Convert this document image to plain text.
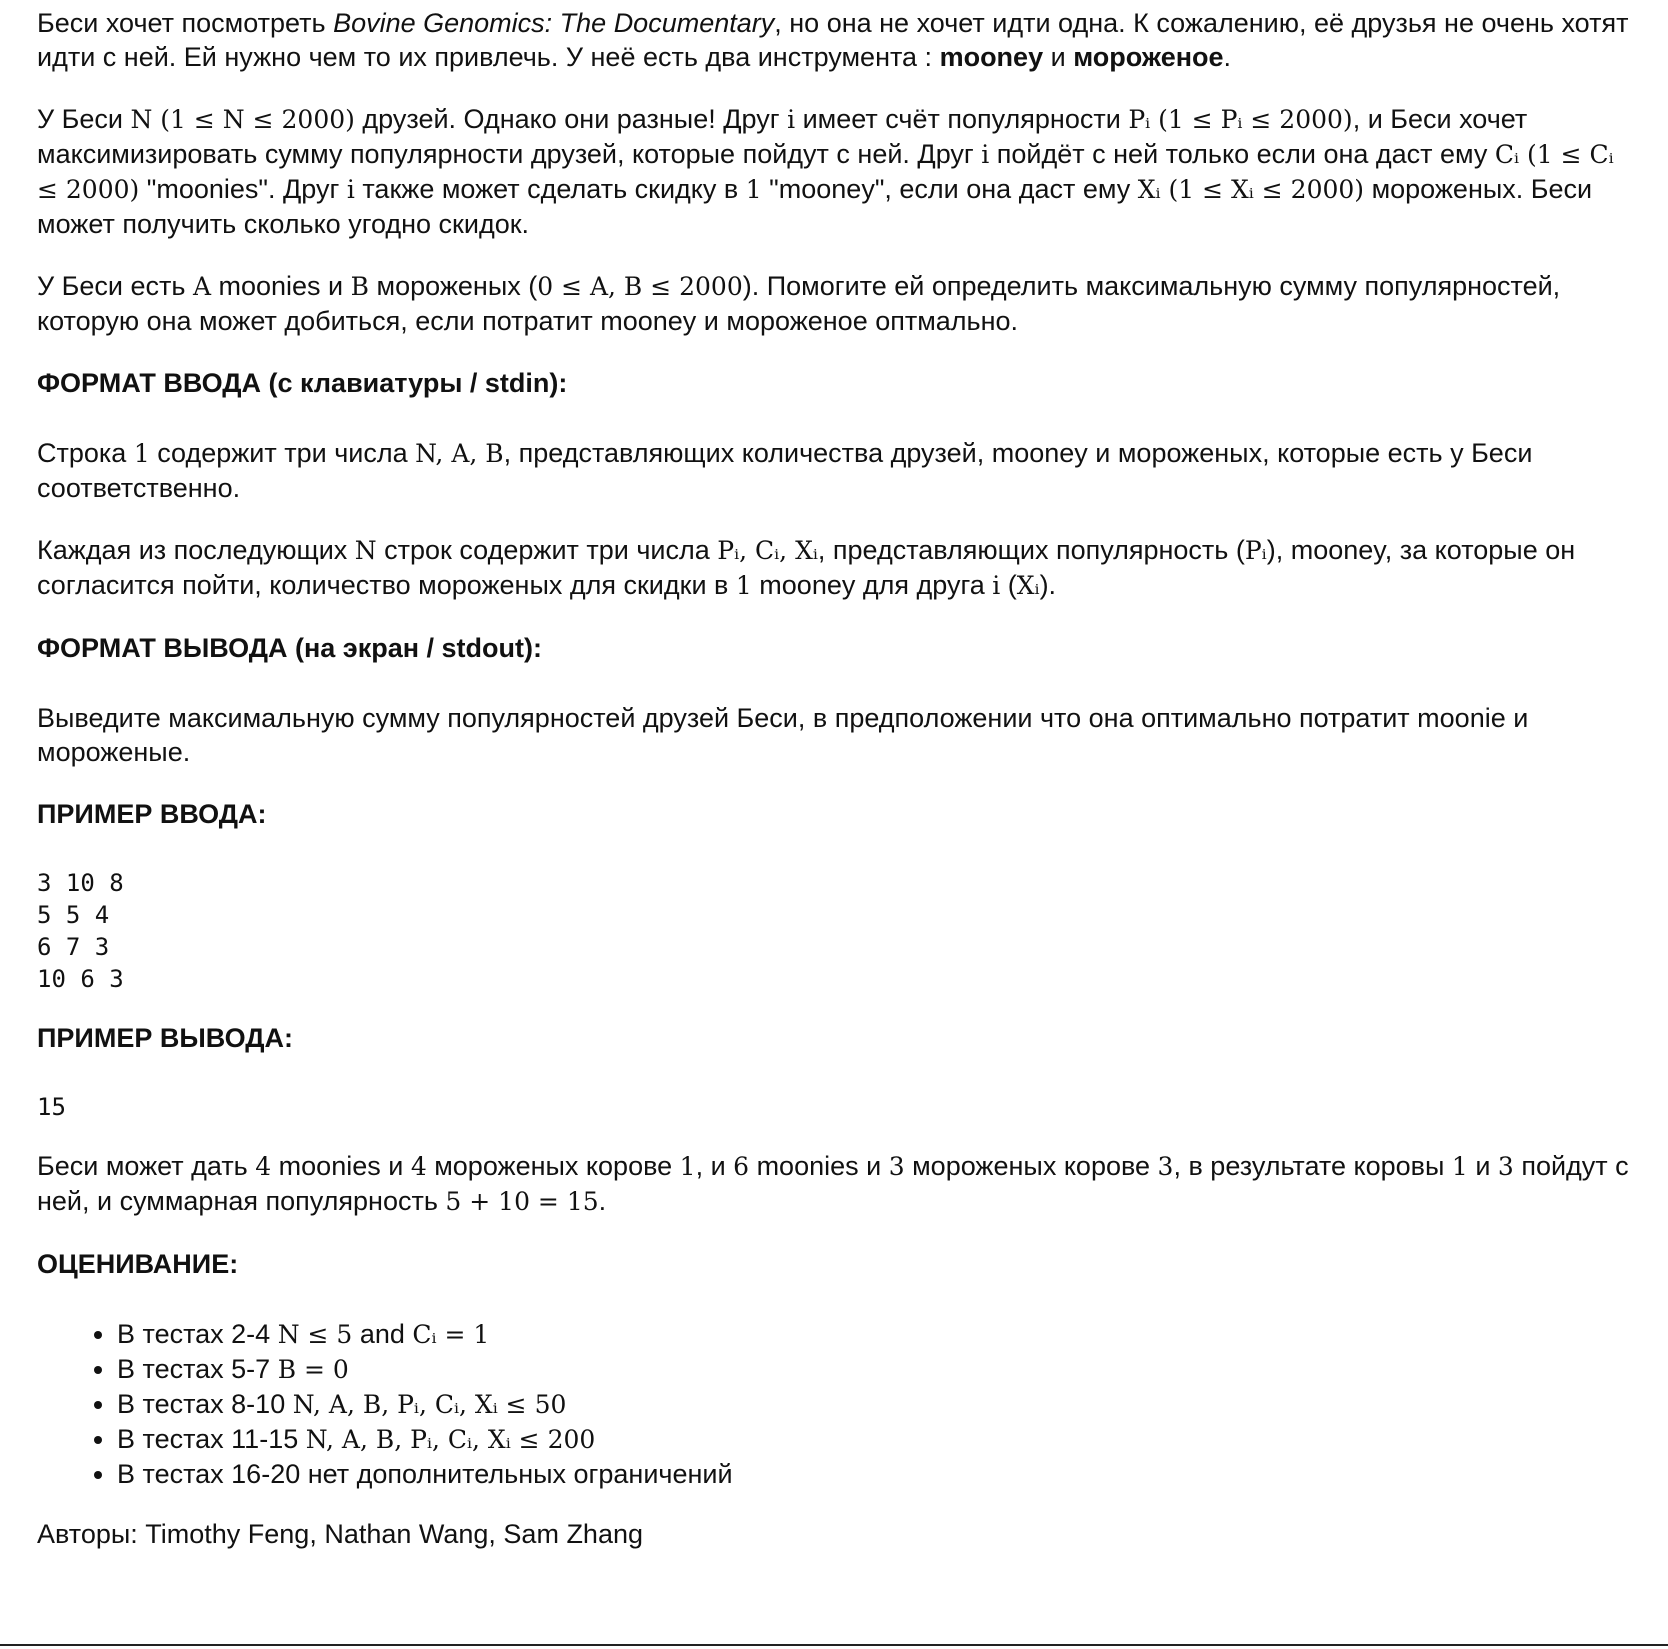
Беси хочет посмотреть Bovine Genomics: The Documentary, но она не хочет идти одна. К сожалению, её друзья не очень хотят идти с ней. Ей нужно чем то их привлечь. У неё есть два инструмента : mooney и мороженое.

У Беси N (1 ≤ N ≤ 2000) друзей. Однако они разные! Друг i имеет счёт популярности Pᵢ (1 ≤ Pᵢ ≤ 2000), и Беси хочет максимизировать сумму популярности друзей, которые пойдут с ней. Друг i пойдёт с ней только если она даст ему Cᵢ (1 ≤ Cᵢ ≤ 2000) "moonies". Друг i также может сделать скидку в 1 "mooney", если она даст ему Xᵢ (1 ≤ Xᵢ ≤ 2000) мороженых. Беси может получить сколько угодно скидок.

У Беси есть A moonies и B мороженых (0 ≤ A, B ≤ 2000). Помогите ей определить максимальную сумму популярностей, которую она может добиться, если потратит mooney и мороженое оптмально.

ФОРМАТ ВВОДА (с клавиатуры / stdin):

Строка 1 содержит три числа N, A, B, представляющих количества друзей, mooney и мороженых, которые есть у Беси соответственно.

Каждая из последующих N строк содержит три числа Pᵢ, Cᵢ, Xᵢ, представляющих популярность (Pᵢ), mooney, за которые он согласится пойти, количество мороженых для скидки в 1 mooney для друга i (Xᵢ).

ФОРМАТ ВЫВОДА (на экран / stdout):

Выведите максимальную сумму популярностей друзей Беси, в предположении что она оптимально потратит moonie и мороженые.

ПРИМЕР ВВОДА:
3 10 8
5 5 4
6 7 3
10 6 3
ПРИМЕР ВЫВОДА:
15

Беси может дать 4 moonies и 4 мороженых корове 1, и 6 moonies и 3 мороженых корове 3, в результате коровы 1 и 3 пойдут с ней, и суммарная популярность 5 + 10 = 15.

ОЦЕНИВАНИЕ:
• В тестах 2-4 N ≤ 5 and Cᵢ = 1
• В тестах 5-7 B = 0
• В тестах 8-10 N, A, B, Pᵢ, Cᵢ, Xᵢ ≤ 50
• В тестах 11-15 N, A, B, Pᵢ, Cᵢ, Xᵢ ≤ 200
• В тестах 16-20 нет дополнительных ограничений

Авторы: Timothy Feng, Nathan Wang, Sam Zhang
